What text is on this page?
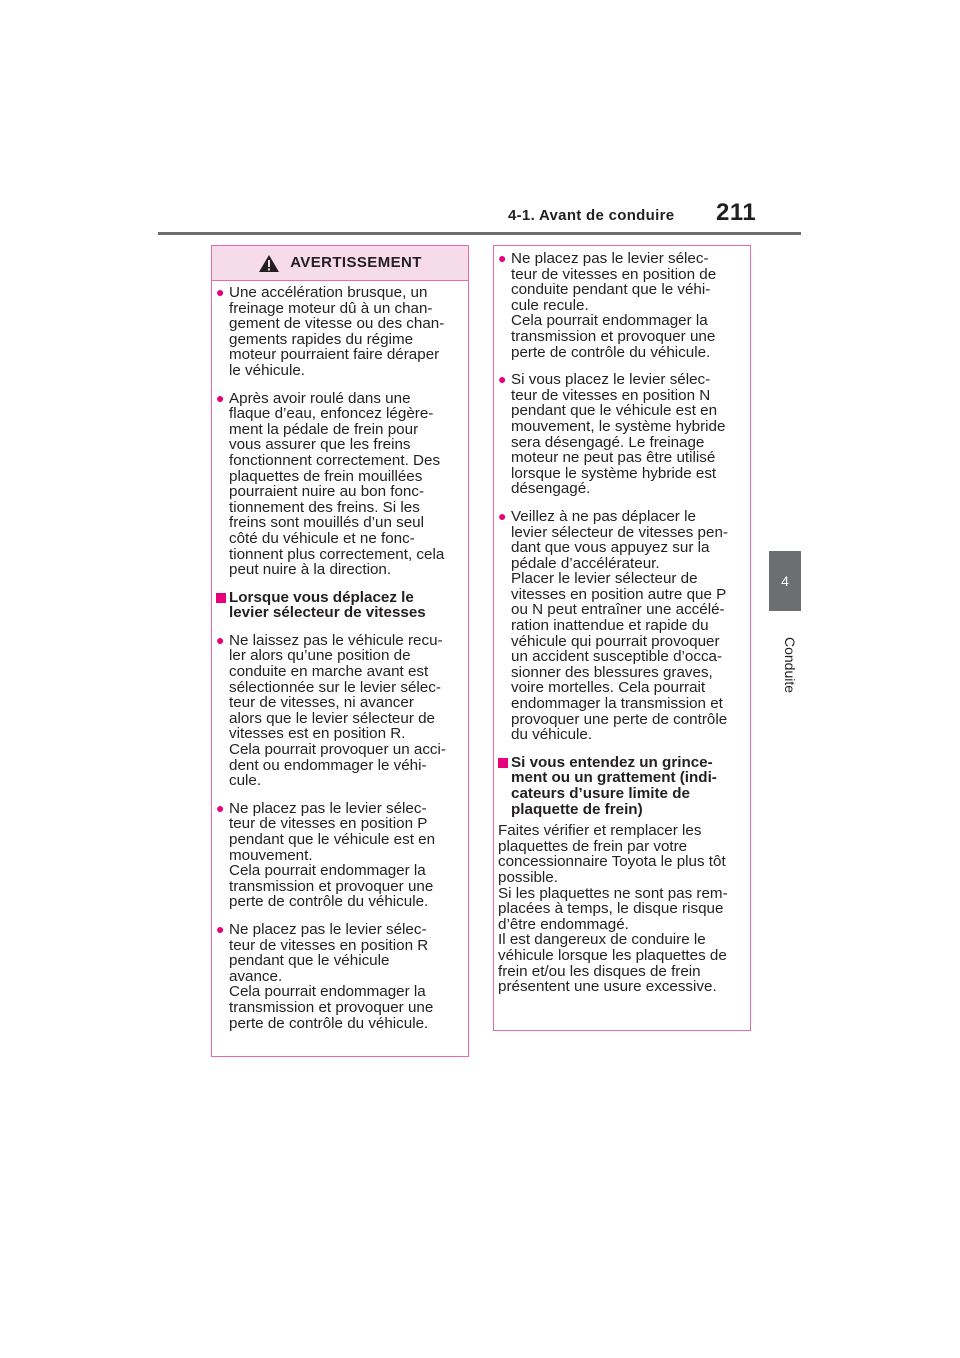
4-1. Avant de conduire 211
4
Conduite
AVERTISSEMENT
● Une accélération brusque, un
freinage moteur dû à un chan-
gement de vitesse ou des chan-
gements rapides du régime
moteur pourraient faire déraper
le véhicule.
● Après avoir roulé dans une
flaque d’eau, enfoncez légère-
ment la pédale de frein pour
vous assurer que les freins
fonctionnent correctement. Des
plaquettes de frein mouillées
pourraient nuire au bon fonc-
tionnement des freins. Si les
freins sont mouillés d’un seul
côté du véhicule et ne fonc-
tionnent plus correctement, cela
peut nuire à la direction.
Lorsque vous déplacez le
levier sélecteur de vitesses
● Ne laissez pas le véhicule recu-
ler alors qu’une position de
conduite en marche avant est
sélectionnée sur le levier sélec-
teur de vitesses, ni avancer
alors que le levier sélecteur de
vitesses est en position R.
Cela pourrait provoquer un acci-
dent ou endommager le véhi-
cule.
● Ne placez pas le levier sélec-
teur de vitesses en position P
pendant que le véhicule est en
mouvement.
Cela pourrait endommager la
transmission et provoquer une
perte de contrôle du véhicule.
● Ne placez pas le levier sélec-
teur de vitesses en position R
pendant que le véhicule
avance.
Cela pourrait endommager la
transmission et provoquer une
perte de contrôle du véhicule.
● Ne placez pas le levier sélec-
teur de vitesses en position de
conduite pendant que le véhi-
cule recule.
Cela pourrait endommager la
transmission et provoquer une
perte de contrôle du véhicule.
● Si vous placez le levier sélec-
teur de vitesses en position N
pendant que le véhicule est en
mouvement, le système hybride
sera désengagé. Le freinage
moteur ne peut pas être utilisé
lorsque le système hybride est
désengagé.
● Veillez à ne pas déplacer le
levier sélecteur de vitesses pen-
dant que vous appuyez sur la
pédale d’accélérateur.
Placer le levier sélecteur de
vitesses en position autre que P
ou N peut entraîner une accélé-
ration inattendue et rapide du
véhicule qui pourrait provoquer
un accident susceptible d’occa-
sionner des blessures graves,
voire mortelles. Cela pourrait
endommager la transmission et
provoquer une perte de contrôle
du véhicule.
Si vous entendez un grince-
ment ou un grattement (indi-
cateurs d’usure limite de
plaquette de frein)
Faites vérifier et remplacer les
plaquettes de frein par votre
concessionnaire Toyota le plus tôt
possible.
Si les plaquettes ne sont pas rem-
placées à temps, le disque risque
d’être endommagé.
Il est dangereux de conduire le
véhicule lorsque les plaquettes de
frein et/ou les disques de frein
présentent une usure excessive.
